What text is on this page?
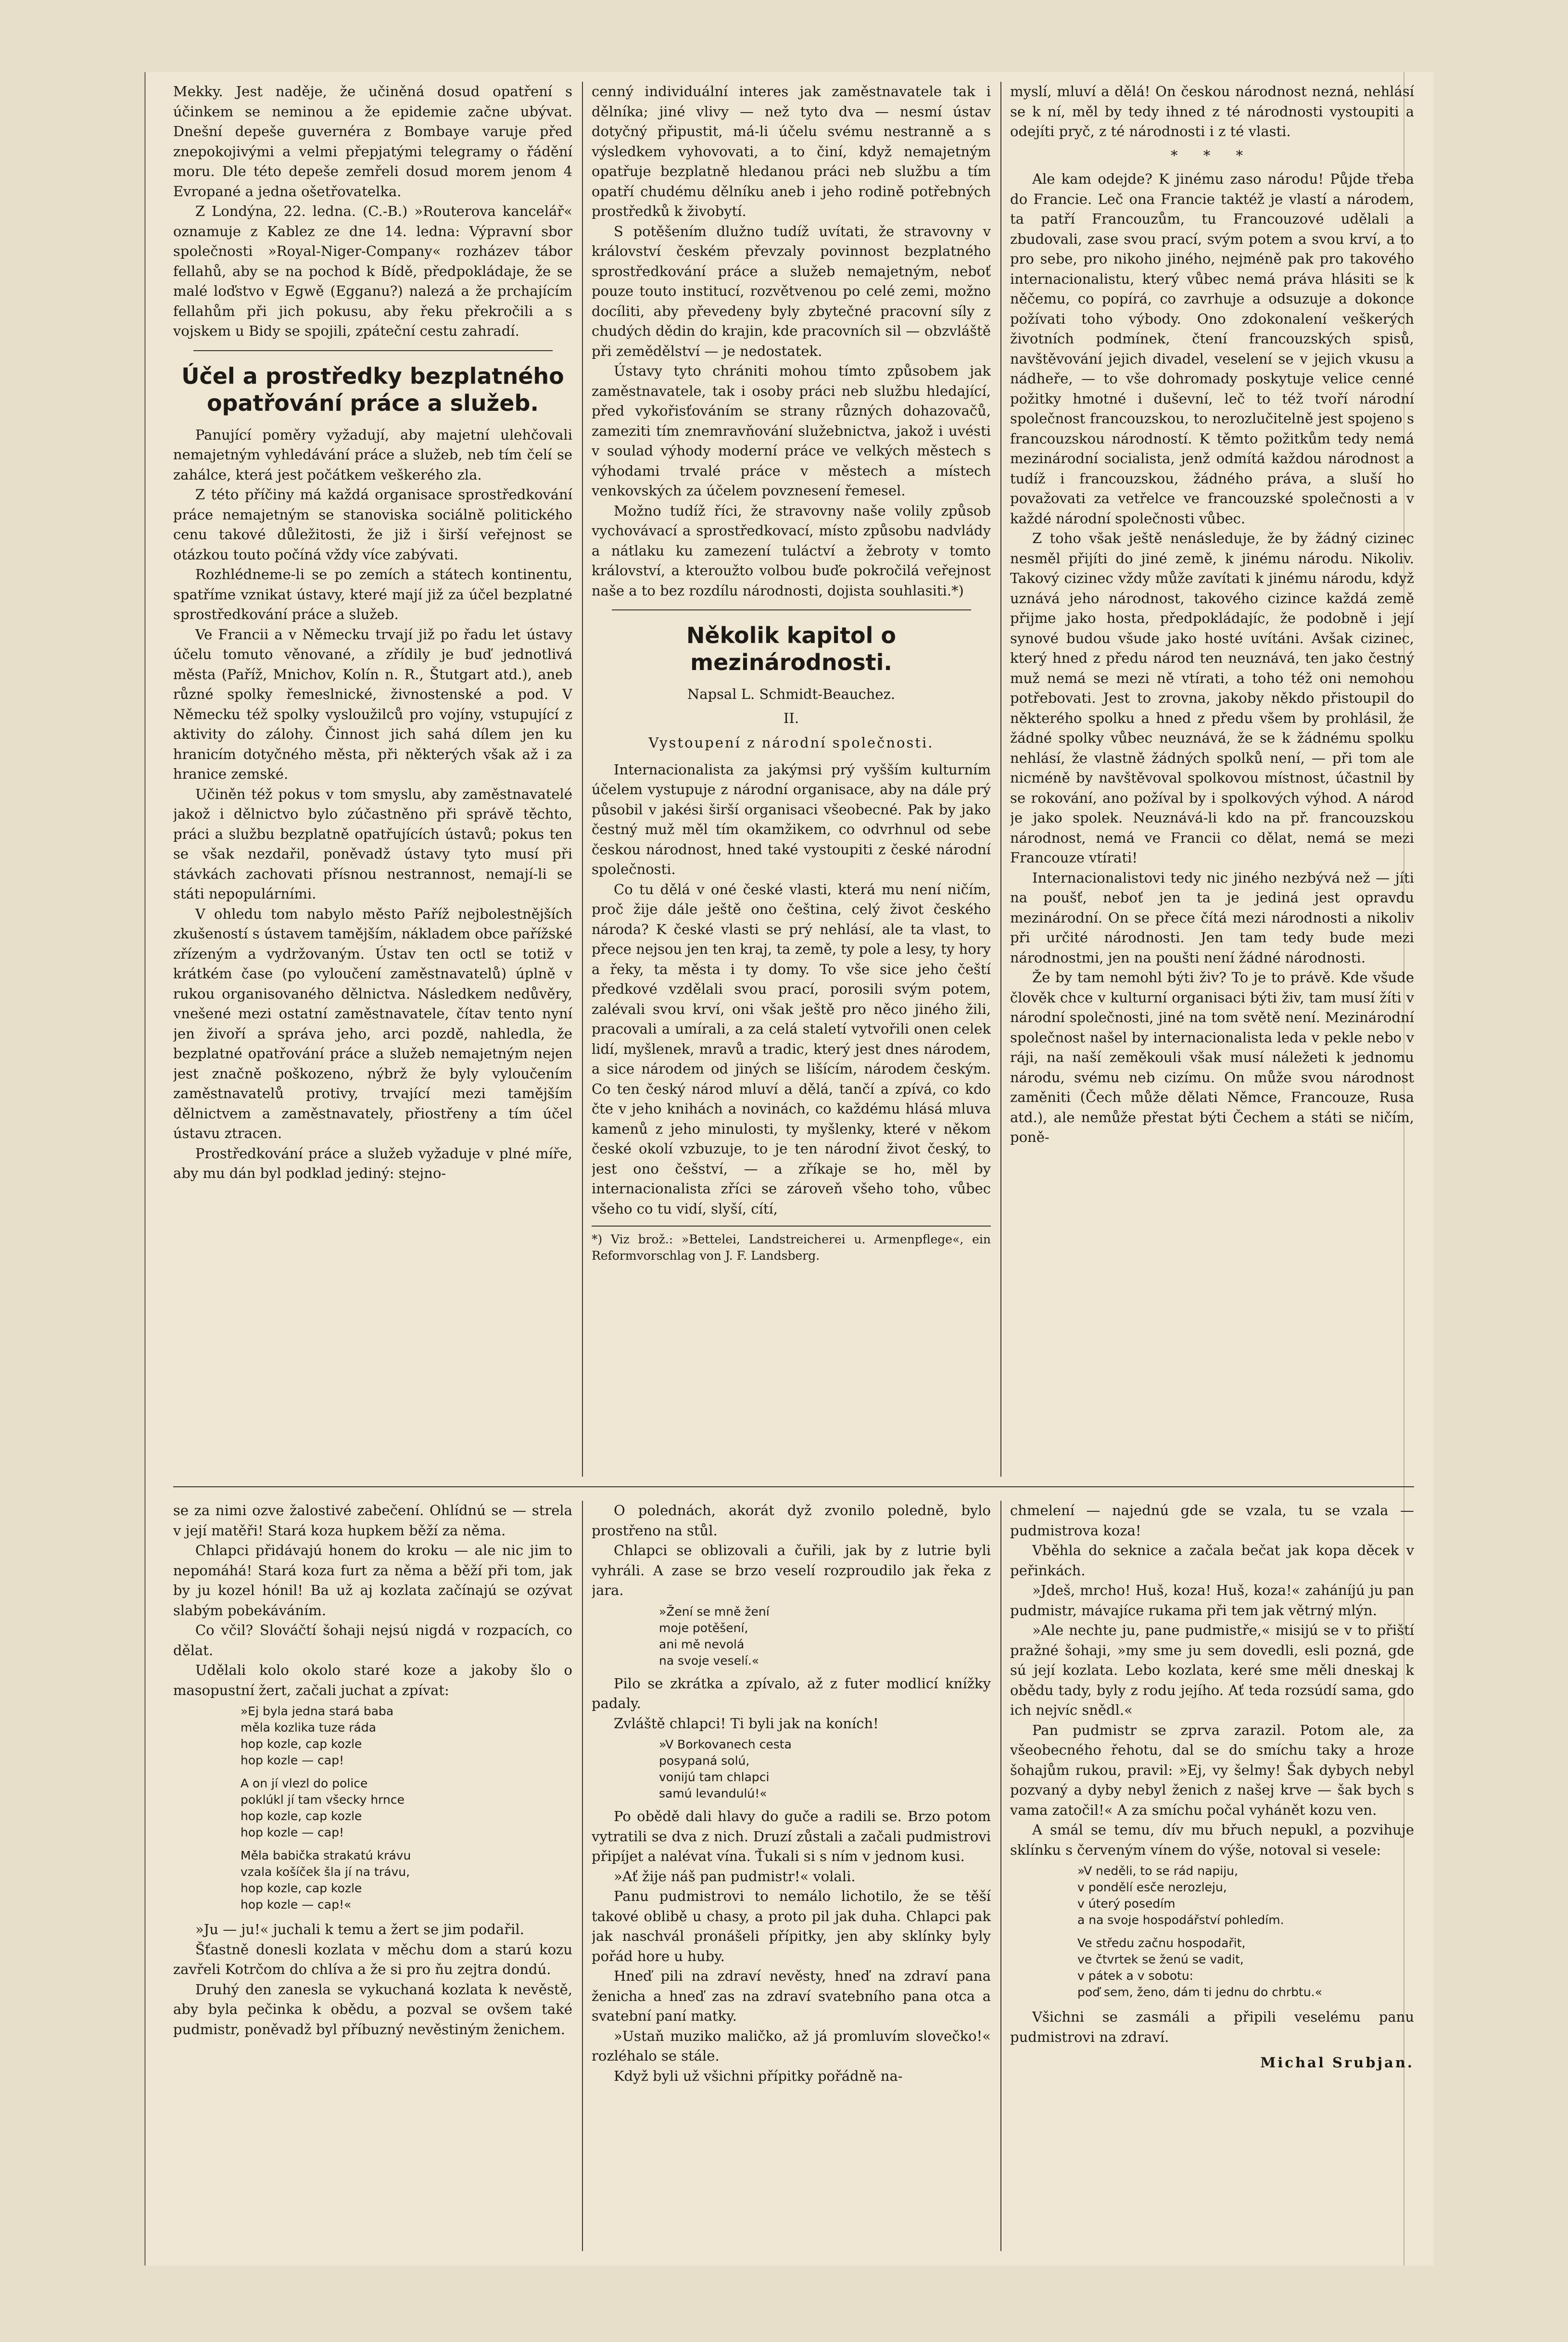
Mekky. Jest naděje, že učiněná dosud opatření s účinkem se neminou a že epidemie začne ubývat. Dnešní depeše guvernéra z Bombaye varuje před znepokojivými a velmi přepjatými telegramy o řádění moru. Dle této depeše zemřeli dosud morem jenom 4 Evropané a jedna ošetřovatelka.

Z Londýna, 22. ledna. (C.-B.) »Routerova kancelář« oznamuje z Kablez ze dne 14. ledna: Výpravní sbor společnosti »Royal-Niger-Company« rozházev tábor fellahů, aby se na pochod k Bídě, předpokládaje, že se malé loďstvo v Egwě (Egganu?) nalezá a že prchajícím fellahům při jich pokusu, aby řeku překročili a s vojskem u Bidy se spojili, zpáteční cestu zahradí.

Účel a prostředky bezplatného opatřování práce a služeb.

Panující poměry vyžadují, aby majetní ulehčovali nemajetným vyhledávání práce a služeb, neb tím čelí se zahálce, která jest počátkem veškerého zla.

Z této příčiny má každá organisace sprostředkování práce nemajetným se stanoviska sociálně politického cenu takové důležitosti, že již i širší veřejnost se otázkou touto počíná vždy více zabývati.

Rozhlédneme-li se po zemích a státech kontinentu, spatříme vznikat ústavy, které mají již za účel bezplatné sprostředkování práce a služeb.

Ve Francii a v Německu trvají již po řadu let ústavy účelu tomuto věnované, a zřídily je buď jednotlivá města (Paříž, Mnichov, Kolín n. R., Štutgart atd.), aneb různé spolky řemeslnické, živnostenské a pod. V Německu též spolky vysloužilců pro vojíny, vstupující z aktivity do zálohy. Činnost jich sahá dílem jen ku hranicím dotyčného města, při některých však až i za hranice zemské.

Učiněn též pokus v tom smyslu, aby zaměstnavatelé jakož i dělnictvo bylo zúčastněno při správě těchto, práci a službu bezplatně opatřujících ústavů; pokus ten se však nezdařil, poněvadž ústavy tyto musí při stávkách zachovati přísnou nestrannost, nemají-li se státi nepopulárními.

V ohledu tom nabylo město Paříž nejbolestnějších zkušeností s ústavem tamějším, nákladem obce pařížské zřízeným a vydržovaným. Ústav ten octl se totiž v krátkém čase (po vyloučení zaměstnavatelů) úplně v rukou organisovaného dělnictva. Následkem nedůvěry, vnešené mezi ostatní zaměstnavatele, čítav tento nyní jen živoří a správa jeho, arci pozdě, nahledla, že bezplatné opatřování práce a služeb nemajetným nejen jest značně poškozeno, nýbrž že byly vyloučením zaměstnavatelů protivy, trvající mezi tamějším dělnictvem a zaměstnavately, přiostřeny a tím účel ústavu ztracen.

Prostředkování práce a služeb vyžaduje v plné míře, aby mu dán byl podklad jediný: stejno-

cenný individuální interes jak zaměstnavatele tak i dělníka; jiné vlivy — než tyto dva — nesmí ústav dotyčný připustit, má-li účelu svému nestranně a s výsledkem vyhovovati, a to činí, když nemajetným opatřuje bezplatně hledanou práci neb službu a tím opatří chudému dělníku aneb i jeho rodině potřebných prostředků k živobytí.

S potěšením dlužno tudíž uvítati, že stravovny v království českém převzaly povinnost bezplatného sprostředkování práce a služeb nemajetným, neboť pouze touto institucí, rozvětvenou po celé zemi, možno docíliti, aby převedeny byly zbytečné pracovní síly z chudých dědin do krajin, kde pracovních sil — obzvláště při zemědělství — je nedostatek.

Ústavy tyto chrániti mohou tímto způsobem jak zaměstnavatele, tak i osoby práci neb službu hledající, před vykořisťováním se strany různých dohazovačů, zameziti tím znemravňování služebnictva, jakož i uvésti v soulad výhody moderní práce ve velkých městech s výhodami trvalé práce v městech a místech venkovských za účelem povznesení řemesel.

Možno tudíž říci, že stravovny naše volily způsob vychovávací a sprostředkovací, místo způsobu nadvlády a nátlaku ku zamezení tuláctví a žebroty v tomto království, a kteroužto volbou buďe pokročilá veřejnost naše a to bez rozdílu národnosti, dojista souhlasiti.*)

Několik kapitol o mezinárodnosti.
Napsal L. Schmidt-Beauchez.
II.
Vystoupení z národní společnosti.

Internacionalista za jakýmsi prý vyšším kulturním účelem vystupuje z národní organisace, aby na dále prý působil v jakési širší organisaci všeobecné. Pak by jako čestný muž měl tím okamžikem, co odvrhnul od sebe českou národnost, hned také vystoupiti z české národní společnosti.

Co tu dělá v oné české vlasti, která mu není ničím, proč žije dále ještě ono čeština, celý život českého národa? K české vlasti se prý nehlásí, ale ta vlast, to přece nejsou jen ten kraj, ta země, ty pole a lesy, ty hory a řeky, ta města i ty domy. To vše sice jeho čeští předkové vzdělali svou prací, porosili svým potem, zalévali svou krví, oni však ještě pro něco jiného žili, pracovali a umírali, a za celá staletí vytvořili onen celek lidí, myšlenek, mravů a tradic, který jest dnes národem, a sice národem od jiných se lišícím, národem českým. Co ten český národ mluví a dělá, tančí a zpívá, co kdo čte v jeho knihách a novinách, co každému hlásá mluva kamenů z jeho minulosti, ty myšlenky, které v někom české okolí vzbuzuje, to je ten národní život český, to jest ono češství, — a zříkaje se ho, měl by internacionalista zříci se zároveň všeho toho, vůbec všeho co tu vidí, slyší, cítí,

*) Viz brož.: »Bettelei, Landstreicherei u. Armenpflege«, ein Reformvorschlag von J. F. Landsberg.

myslí, mluví a dělá! On českou národnost nezná, nehlásí se k ní, měl by tedy ihned z té národnosti vystoupiti a odejíti pryč, z té národnosti i z té vlasti.

* * *

Ale kam odejde? K jinému zaso národu! Půjde třeba do Francie. Leč ona Francie taktéž je vlastí a národem, ta patří Francouzům, tu Francouzové udělali a zbudovali, zase svou prací, svým potem a svou krví, a to pro sebe, pro nikoho jiného, nejméně pak pro takového internacionalistu, který vůbec nemá práva hlásiti se k něčemu, co popírá, co zavrhuje a odsuzuje a dokonce požívati toho výbody. Ono zdokonalení veškerých životních podmínek, čtení francouzských spisů, navštěvování jejich divadel, veselení se v jejich vkusu a nádheře, — to vše dohromady poskytuje velice cenné požitky hmotné i duševní, leč to též tvoří národní společnost francouzskou, to nerozlučitelně jest spojeno s francouzskou národností. K těmto požitkům tedy nemá mezinárodní socialista, jenž odmítá každou národnost a tudíž i francouzskou, žádného práva, a sluší ho považovati za vetřelce ve francouzské společnosti a v každé národní společnosti vůbec.

Z toho však ještě nenásleduje, že by žádný cizinec nesměl přijíti do jiné země, k jinému národu. Nikoliv. Takový cizinec vždy může zavítati k jinému národu, když uznává jeho národnost, takového cizince každá země přijme jako hosta, předpokládajíc, že podobně i její synové budou všude jako hosté uvítáni. Avšak cizinec, který hned z předu národ ten neuznává, ten jako čestný muž nemá se mezi ně vtírati, a toho též oni nemohou potřebovati. Jest to zrovna, jakoby někdo přistoupil do některého spolku a hned z předu všem by prohlásil, že žádné spolky vůbec neuznává, že se k žádnému spolku nehlásí, že vlastně žádných spolků není, — při tom ale nicméně by navštěvoval spolkovou místnost, účastnil by se rokování, ano požíval by i spolkových výhod. A národ je jako spolek. Neuznává-li kdo na př. francouzskou národnost, nemá ve Francii co dělat, nemá se mezi Francouze vtírati!

Internacionalistovi tedy nic jiného nezbývá než — jíti na poušť, neboť jen ta je jediná jest opravdu mezinárodní. On se přece čítá mezi národnosti a nikoliv při určité národnosti. Jen tam tedy bude mezi národnostmi, jen na poušti není žádné národnosti.

Že by tam nemohl býti živ? To je to právě. Kde všude člověk chce v kulturní organisaci býti živ, tam musí žíti v národní společnosti, jiné na tom světě není. Mezinárodní společnost našel by internacionalista leda v pekle nebo v ráji, na naší zeměkouli však musí náležeti k jednomu národu, svému neb cizímu. On může svou národnost zaměniti (Čech může dělati Němce, Francouze, Rusa atd.), ale nemůže přestat býti Čechem a státi se ničím, poně-

se za nimi ozve žalostivé zabečení. Ohlídnú se — strela v její matěři! Stará koza hupkem běží za něma.

Chlapci přidávajú honem do kroku — ale nic jim to nepomáhá! Stará koza furt za něma a běží při tom, jak by ju kozel hónil! Ba už aj kozlata začínajú se ozývat slabým pobekáváním.

Co včil? Slováčtí šohaji nejsú nigdá v rozpacích, co dělat.

Udělali kolo okolo staré koze a jakoby šlo o masopustní žert, začali juchat a zpívat:

»Ej byla jedna stará baba
měla kozlika tuze ráda
hop kozle, cap kozle
hop kozle — cap!
A on jí vlezl do police
poklúkl jí tam všecky hrnce
hop kozle, cap kozle
hop kozle — cap!
Měla babička strakatú krávu
vzala košíček šla jí na trávu,
hop kozle, cap kozle
hop kozle — cap!«

»Ju — ju!« juchali k temu a žert se jim podařil.

Šťastně donesli kozlata v měchu dom a starú kozu zavřeli Kotrčom do chlíva a že si pro ňu zejtra dondú.

Druhý den zanesla se vykuchaná kozlata k nevěstě, aby byla pečinka k obědu, a pozval se ovšem také pudmistr, poněvadž byl příbuzný nevěstiným ženichem.

O polednách, akorát dyž zvonilo poledně, bylo prostřeno na stůl.

Chlapci se oblizovali a čuřili, jak by z lutrie byli vyhráli. A zase se brzo veselí rozproudilo jak řeka z jara.

»Žení se mně žení
moje potěšení,
ani mě nevolá
na svoje veselí.«

Pilo se zkrátka a zpívalo, až z futer modlicí knížky padaly.

Zvláště chlapci! Ti byli jak na koních!

»V Borkovanech cesta
posypaná solú,
vonijú tam chlapci
samú levandulú!«

Po obědě dali hlavy do guče a radili se. Brzo potom vytratili se dva z nich. Druzí zůstali a začali pudmistrovi připíjet a nalévat vína. Ťukali si s ním v jednom kusi.

»Ať žije náš pan pudmistr!« volali.

Panu pudmistrovi to nemálo lichotilo, že se těší takové oblibě u chasy, a proto pil jak duha. Chlapci pak jak naschvál pronášeli přípitky, jen aby sklínky byly pořád hore u huby.

Hneď pili na zdraví nevěsty, hneď na zdraví pana ženicha a hneď zas na zdraví svatebního pana otca a svatební paní matky.

»Ustaň muziko maličko, až já promluvím slovečko!« rozléhalo se stále.

Když byli už všichni přípitky pořádně na-

chmelení — najednú gde se vzala, tu se vzala — pudmistrova koza!

Vběhla do seknice a začala bečat jak kopa děcek v peřinkách.

»Jdeš, mrcho! Huš, koza! Huš, koza!« zaháníjú ju pan pudmistr, mávajíce rukama při tem jak větrný mlýn.

»Ale nechte ju, pane pudmistře,« misijú se v to přiští pražné šohaji, »my sme ju sem dovedli, esli pozná, gde sú její kozlata. Lebo kozlata, keré sme měli dneskaj k obědu tady, byly z rodu jejího. Ať teda rozsúdí sama, gdo ich nejvíc snědl.«

Pan pudmistr se zprva zarazil. Potom ale, za všeobecného řehotu, dal se do smíchu taky a hroze šohajům rukou, pravil: »Ej, vy šelmy! Šak dybych nebyl pozvaný a dyby nebyl ženich z našej krve — šak bych s vama zatočil!« A za smíchu počal vyhánět kozu ven.

A smál se temu, dív mu břuch nepukl, a pozvihuje sklínku s červeným vínem do výše, notoval si vesele:

»V neděli, to se rád napiju,
v pondělí esče nerozleju,
v úterý posedím
a na svoje hospodářství pohledím.
Ve středu začnu hospodařit,
ve čtvrtek se ženú se vadit,
v pátek a v sobotu:
poď sem, ženo, dám ti jednu do chrbtu.«

Všichni se zasmáli a připili veselému panu pudmistrovi na zdraví.

Michal Srubjan.
